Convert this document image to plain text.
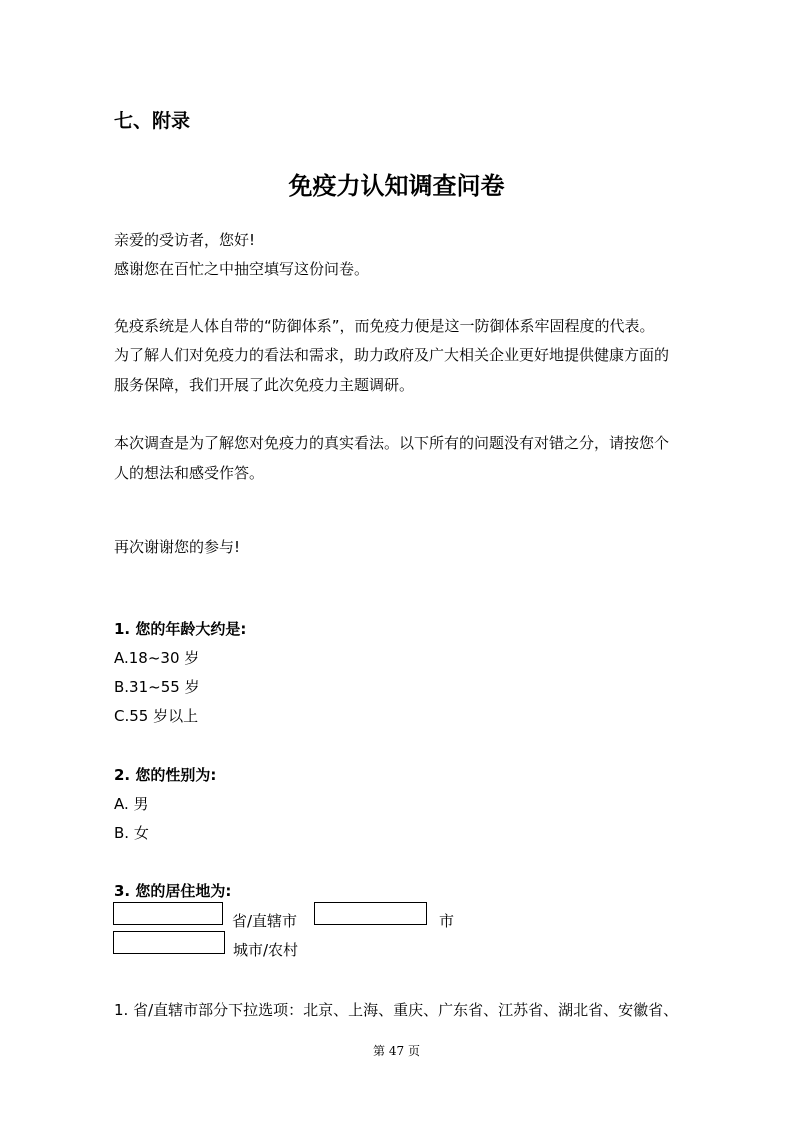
七、附录
免疫力认知调查问卷
亲爱的受访者，您好!
感谢您在百忙之中抽空填写这份问卷。
免疫系统是人体自带的“防御体系”，而免疫力便是这一防御体系牢固程度的代表。
为了解人们对免疫力的看法和需求，助力政府及广大相关企业更好地提供健康方面的
服务保障，我们开展了此次免疫力主题调研。
本次调查是为了解您对免疫力的真实看法。以下所有的问题没有对错之分，请按您个
人的想法和感受作答。
再次谢谢您的参与!
1. 您的年龄大约是:
A.18~30 岁
B.31~55 岁
C.55 岁以上
2. 您的性别为:
A. 男
B. 女
3. 您的居住地为:
省/直辖市	市
城市/农村
1. 省/直辖市部分下拉选项：北京、上海、重庆、广东省、江苏省、湖北省、安徽省、
第 47 页
